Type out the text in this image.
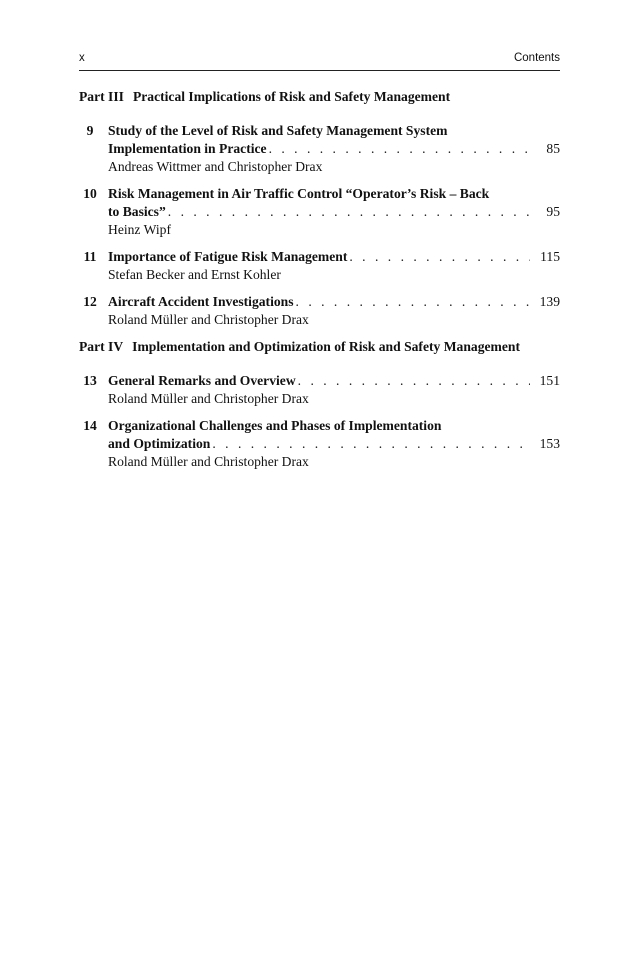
x	Contents
Part III Practical Implications of Risk and Safety Management
9	Study of the Level of Risk and Safety Management System
Implementation in Practice . . .	85
Andreas Wittmer and Christopher Drax
10 Risk Management in Air Traffic Control “Operator’s Risk – Back
to Basics” . . .	95
Heinz Wipf
11 Importance of Fatigue Risk Management . . .	115
Stefan Becker and Ernst Kohler
12 Aircraft Accident Investigations . . .	139
Roland Müller and Christopher Drax
Part IV Implementation and Optimization of Risk and Safety Management
13 General Remarks and Overview . . .	151
Roland Müller and Christopher Drax
14 Organizational Challenges and Phases of Implementation
and Optimization . . .	153
Roland Müller and Christopher Drax
